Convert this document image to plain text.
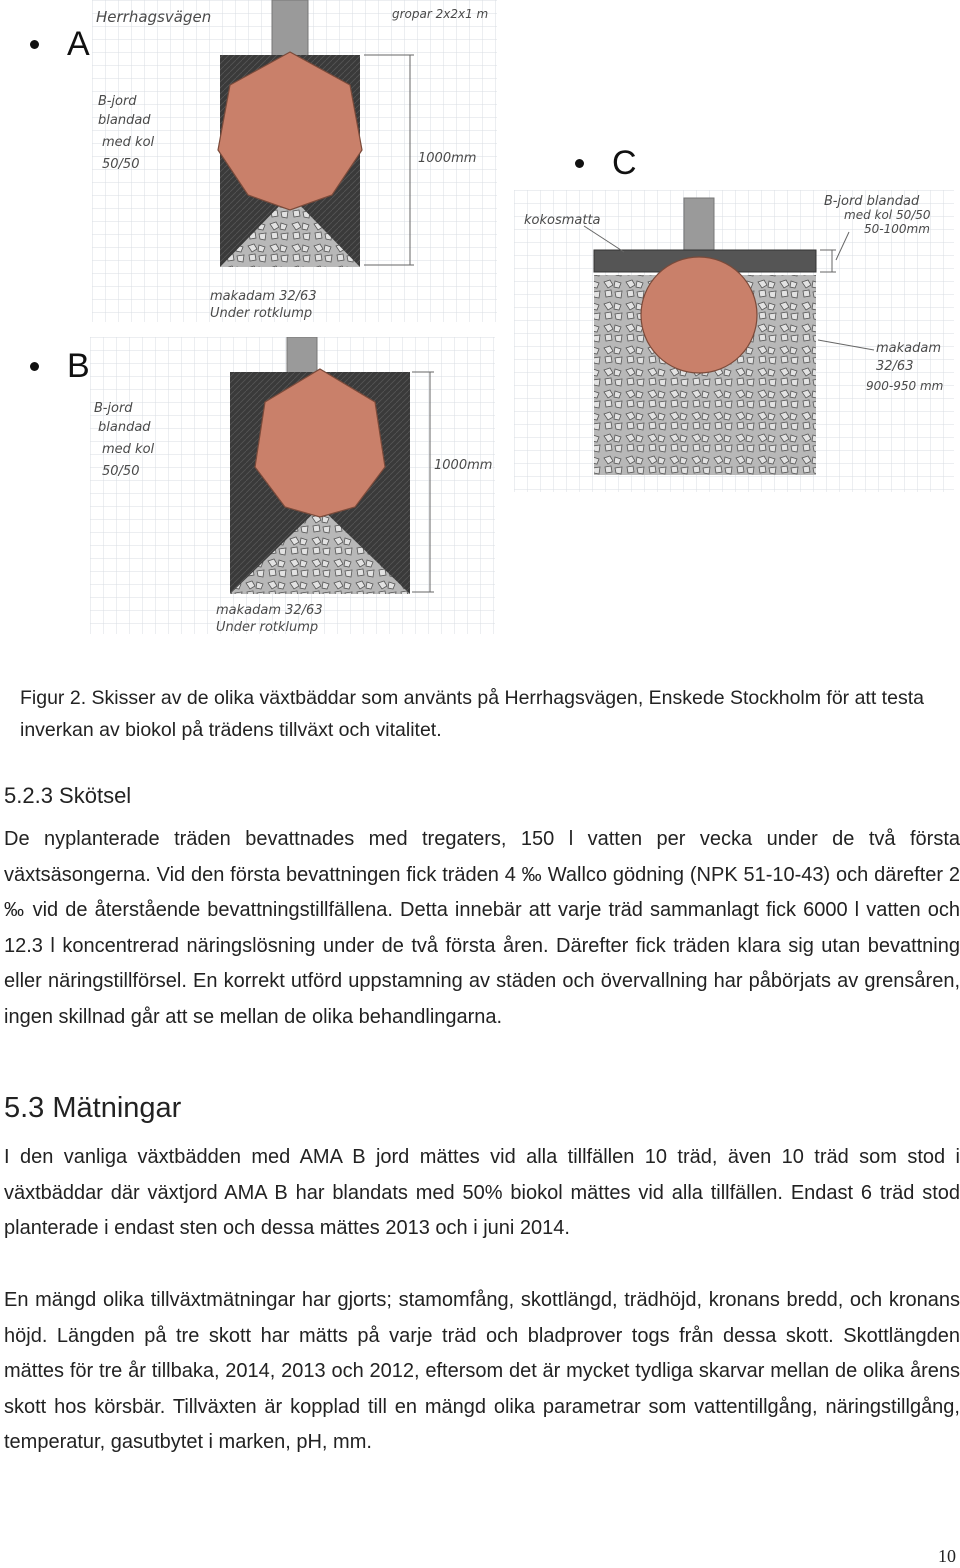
A
B
C
Herrhagsvägen	gropar 2x2x1 m
B-jord
blandad
med kol
50/50	1000mm
makadam 32/63
Under rotklump
B-jord
blandad
med kol
50/50	1000mm
makadam 32/63
Under rotklump
kokosmatta
B-jord blandad
med kol 50/50
50-100mm
makadam
32/63
900-950 mm
Figur 2. Skisser av de olika växtbäddar som använts på Herrhagsvägen, Enskede Stockholm för att testa inverkan av biokol på trädens tillväxt och vitalitet.
5.2.3 Skötsel
De nyplanterade träden bevattnades med tregaters, 150 l vatten per vecka under de två första växtsäsongerna. Vid den första bevattningen fick träden 4 ‰ Wallco gödning (NPK 51-10-43) och därefter 2 ‰ vid de återstående bevattningstillfällena. Detta innebär att varje träd sammanlagt fick 6000 l vatten och 12.3 l koncentrerad näringslösning under de två första åren. Därefter fick träden klara sig utan bevattning eller näringstillförsel. En korrekt utförd uppstamning av städen och övervallning har påbörjats av grensåren, ingen skillnad går att se mellan de olika behandlingarna.
5.3 Mätningar
I den vanliga växtbädden med AMA B jord mättes vid alla tillfällen 10 träd, även 10 träd som stod i växtbäddar där växtjord AMA B har blandats med 50% biokol mättes vid alla tillfällen. Endast 6 träd stod planterade i endast sten och dessa mättes 2013 och i juni 2014.
En mängd olika tillväxtmätningar har gjorts; stamomfång, skottlängd, trädhöjd, kronans bredd, och kronans höjd. Längden på tre skott har mätts på varje träd och bladprover togs från dessa skott. Skottlängden mättes för tre år tillbaka, 2014, 2013 och 2012, eftersom det är mycket tydliga skarvar mellan de olika årens skott hos körsbär. Tillväxten är kopplad till en mängd olika parametrar som vattentillgång, näringstillgång, temperatur, gasutbytet i marken, pH, mm.
10
